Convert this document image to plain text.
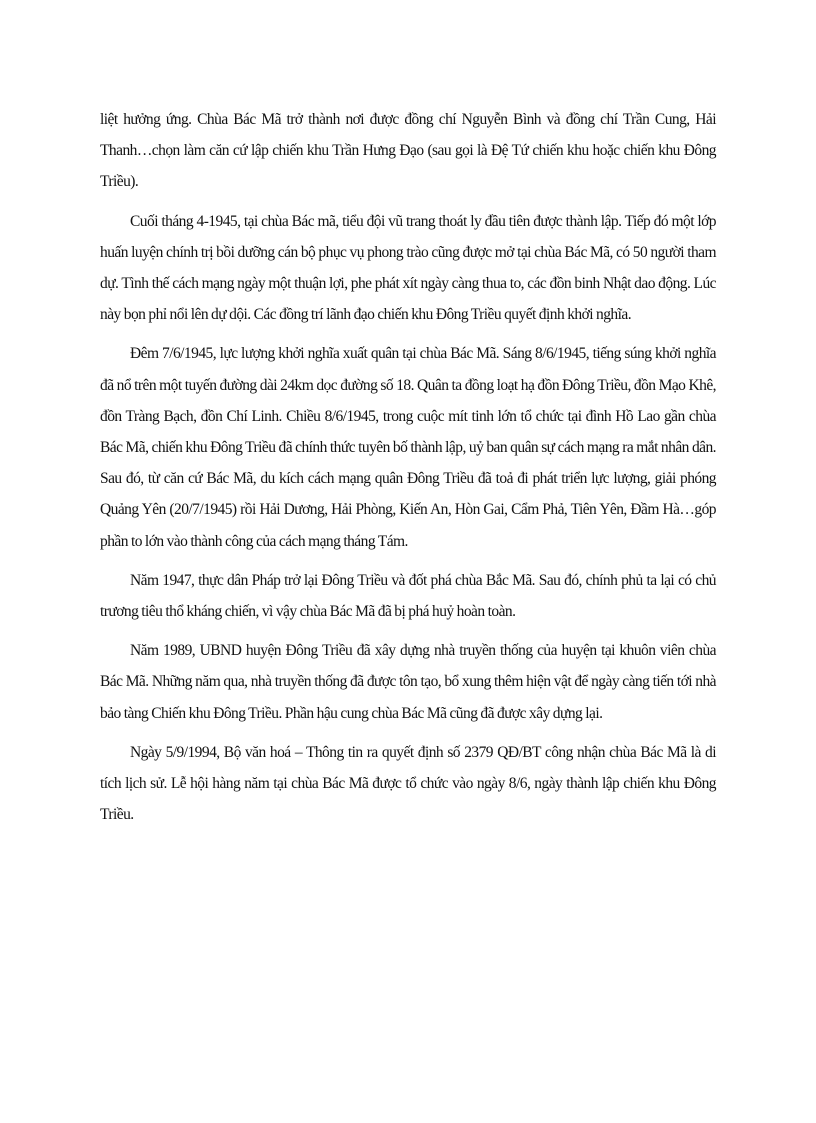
liệt hưởng ứng. Chùa Bác Mã trở thành nơi được đồng chí Nguyễn Bình và đồng chí Trần Cung, Hải Thanh…chọn làm căn cứ lập chiến khu Trần Hưng Đạo (sau gọi là Đệ Tứ chiến khu hoặc chiến khu Đông Triều).

Cuối tháng 4-1945, tại chùa Bác mã, tiểu đội vũ trang thoát ly đầu tiên được thành lập. Tiếp đó một lớp huấn luyện chính trị bồi dưỡng cán bộ phục vụ phong trào cũng được mở tại chùa Bác Mã, có 50 người tham dự. Tình thế cách mạng ngày một thuận lợi, phe phát xít ngày càng thua to, các đồn binh Nhật dao động. Lúc này bọn phỉ nổi lên dự dội. Các đồng trí lãnh đạo chiến khu Đông Triều quyết định khởi nghĩa.

Đêm 7/6/1945, lực lượng khởi nghĩa xuất quân tại chùa Bác Mã. Sáng 8/6/1945, tiếng súng khởi nghĩa đã nổ trên một tuyến đường dài 24km dọc đường số 18. Quân ta đồng loạt hạ đồn Đông Triều, đồn Mạo Khê, đồn Tràng Bạch, đồn Chí Linh. Chiều 8/6/1945, trong cuộc mít tinh lớn tổ chức tại đình Hồ Lao gần chùa Bác Mã, chiến khu Đông Triều đã chính thức tuyên bố thành lập, uỷ ban quân sự cách mạng ra mắt nhân dân. Sau đó, từ căn cứ Bác Mã, du kích cách mạng quân Đông Triều đã toả đi phát triển lực lượng, giải phóng Quảng Yên (20/7/1945) rồi Hải Dương, Hải Phòng, Kiến An, Hòn Gai, Cẩm Phả, Tiên Yên, Đầm Hà…góp phần to lớn vào thành công của cách mạng tháng Tám.

Năm 1947, thực dân Pháp trở lại Đông Triều và đốt phá chùa Bắc Mã. Sau đó, chính phủ ta lại có chủ trương tiêu thổ kháng chiến, vì vậy chùa Bác Mã đã bị phá huỷ hoàn toàn.

Năm 1989, UBND huyện Đông Triều đã xây dựng nhà truyền thống của huyện tại khuôn viên chùa Bác Mã. Những năm qua, nhà truyền thống đã được tôn tạo, bổ xung thêm hiện vật để ngày càng tiến tới nhà bảo tàng Chiến khu Đông Triều. Phần hậu cung chùa Bác Mã cũng đã được xây dựng lại.

Ngày 5/9/1994, Bộ văn hoá – Thông tin ra quyết định số 2379 QĐ/BT công nhận chùa Bác Mã là di tích lịch sử. Lễ hội hàng năm tại chùa Bác Mã được tổ chức vào ngày 8/6, ngày thành lập chiến khu Đông Triều.
